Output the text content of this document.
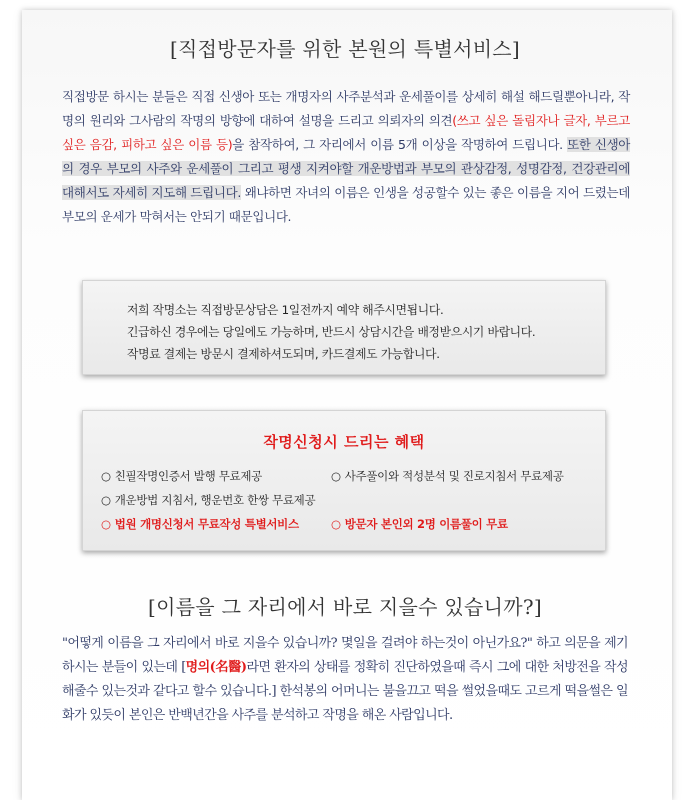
[직접방문자를 위한 본원의 특별서비스]
직접방문 하시는 분들은 직접 신생아 또는 개명자의 사주분석과 운세풀이를 상세히 해설 해드릴뿐아니라, 작명의 원리와 그사람의 작명의 방향에 대하여 설명을 드리고 의뢰자의 의견(쓰고 싶은 돌림자나 글자, 부르고 싶은 음감, 피하고 싶은 이름 등)을 참작하여, 그 자리에서 이름 5개 이상을 작명하여 드립니다. 또한 신생아의 경우 부모의 사주와 운세풀이 그리고 평생 지켜야할 개운방법과 부모의 관상감정, 성명감정, 건강관리에 대해서도 자세히 지도해 드립니다. 왜냐하면 자녀의 이름은 인생을 성공할수 있는 좋은 이름을 지어 드렸는데 부모의 운세가 막혀서는 안되기 때문입니다.
저희 작명소는 직접방문상담은 1일전까지 예약 해주시면됩니다.
긴급하신 경우에는 당일에도 가능하며, 반드시 상담시간을 배정받으시기 바랍니다.
작명료 결제는 방문시 결제하셔도되며, 카드결제도 가능합니다.
작명신청시 드리는 혜택
○ 친필작명인증서 발행 무료제공	○ 사주풀이와 적성분석 및 진로지침서 무료제공
○ 개운방법 지침서, 행운번호 한쌍 무료제공
○ 법원 개명신청서 무료작성 특별서비스	○ 방문자 본인외 2명 이름풀이 무료
[이름을 그 자리에서 바로 지을수 있습니까?]
"어떻게 이름을 그 자리에서 바로 지을수 있습니까? 몇일을 걸려야 하는것이 아닌가요?" 하고 의문을 제기하시는 분들이 있는데 [명의(名醫)라면 환자의 상태를 정확히 진단하였을때 즉시 그에 대한 처방전을 작성해줄수 있는것과 같다고 할수 있습니다.] 한석봉의 어머니는 불을끄고 떡을 썰었을때도 고르게 떡을썰은 일화가 있듯이 본인은 반백년간을 사주를 분석하고 작명을 해온 사람입니다.
